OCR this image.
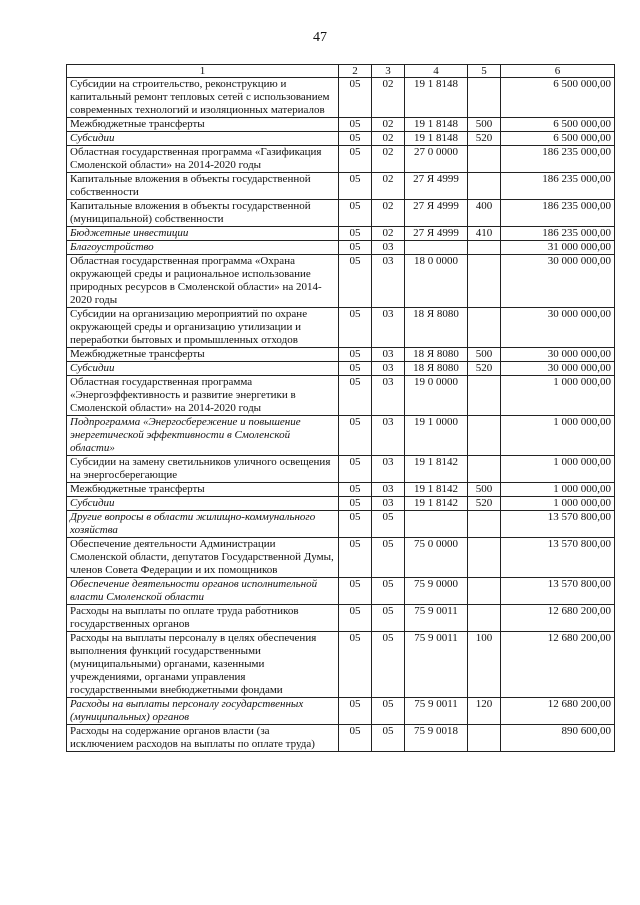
47
1	2	3	4	5	6
Субсидии на строительство, реконструкцию и капитальный ремонт тепловых сетей с использованием современных технологий и изоляционных материалов	05	02	19 1 8148		6 500 000,00
Межбюджетные трансферты	05	02	19 1 8148	500	6 500 000,00
Субсидии	05	02	19 1 8148	520	6 500 000,00
Областная государственная программа «Газификация Смоленской области» на 2014-2020 годы	05	02	27 0 0000		186 235 000,00
Капитальные вложения в объекты государственной собственности	05	02	27 Я 4999		186 235 000,00
Капитальные вложения в объекты государственной (муниципальной) собственности	05	02	27 Я 4999	400	186 235 000,00
Бюджетные инвестиции	05	02	27 Я 4999	410	186 235 000,00
Благоустройство	05	03			31 000 000,00
Областная государственная программа «Охрана окружающей среды и рациональное использование природных ресурсов в Смоленской области» на 2014-2020 годы	05	03	18 0 0000		30 000 000,00
Субсидии на организацию мероприятий по охране окружающей среды и организацию утилизации и переработки бытовых и промышленных отходов	05	03	18 Я 8080		30 000 000,00
Межбюджетные трансферты	05	03	18 Я 8080	500	30 000 000,00
Субсидии	05	03	18 Я 8080	520	30 000 000,00
Областная государственная программа «Энергоэффективность и развитие энергетики в Смоленской области» на 2014-2020 годы	05	03	19 0 0000		1 000 000,00
Подпрограмма «Энергосбережение и повышение энергетической эффективности в Смоленской области»	05	03	19 1 0000		1 000 000,00
Субсидии на замену светильников уличного освещения на энергосберегающие	05	03	19 1 8142		1 000 000,00
Межбюджетные трансферты	05	03	19 1 8142	500	1 000 000,00
Субсидии	05	03	19 1 8142	520	1 000 000,00
Другие вопросы в области жилищно-коммунального хозяйства	05	05			13 570 800,00
Обеспечение деятельности Администрации Смоленской области, депутатов Государственной Думы, членов Совета Федерации и их помощников	05	05	75 0 0000		13 570 800,00
Обеспечение деятельности органов исполнительной власти Смоленской области	05	05	75 9 0000		13 570 800,00
Расходы на выплаты по оплате труда работников государственных органов	05	05	75 9 0011		12 680 200,00
Расходы на выплаты персоналу в целях обеспечения выполнения функций государственными (муниципальными) органами, казенными учреждениями, органами управления государственными внебюджетными фондами	05	05	75 9 0011	100	12 680 200,00
Расходы на выплаты персоналу государственных (муниципальных) органов	05	05	75 9 0011	120	12 680 200,00
Расходы на содержание органов власти (за исключением расходов на выплаты по оплате труда)	05	05	75 9 0018		890 600,00
